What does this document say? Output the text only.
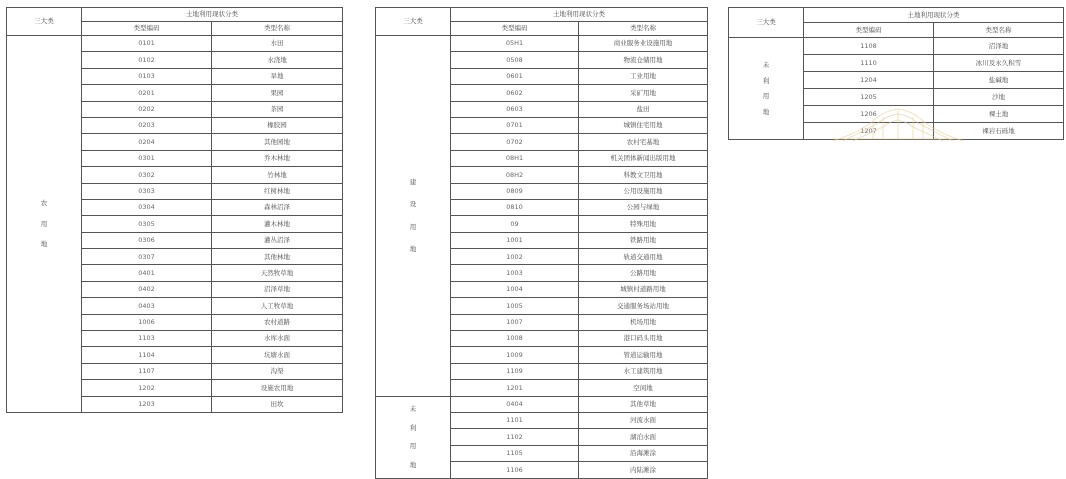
三大类	土地利用现状分类	
	类型编码	类型名称

农
用
地	0101	水田
	0102	水浇地
	0103	旱地
	0201	果园
	0202	茶园
	0203	橡胶园
	0204	其他园地
	0301	乔木林地
	0302	竹林地
	0303	红树林地
	0304	森林沼泽
	0305	灌木林地
	0306	灌丛沼泽
	0307	其他林地
	0401	天然牧草地
	0402	沼泽草地
	0403	人工牧草地
	1006	农村道路
	1103	水库水面
	1104	坑塘水面
	1107	沟渠
	1202	设施农用地
	1203	田坎
三大类	土地利用现状分类	
	类型编码	类型名称

建
设
用
地	05H1	商业服务业设施用地
	0508	物流仓储用地
	0601	工业用地
	0602	采矿用地
	0603	盐田
	0701	城镇住宅用地
	0702	农村宅基地
	08H1	机关团体新闻出版用地
	08H2	科教文卫用地
	0809	公用设施用地
	0810	公园与绿地
	09	特殊用地
	1001	铁路用地
	1002	轨道交通用地
	1003	公路用地
	1004	城镇村道路用地
	1005	交通服务场站用地
	1007	机场用地
	1008	港口码头用地
	1009	管道运输用地
	1109	水工建筑用地
	1201	空闲地

未
利
用
地	0404	其他草地
	1101	河流水面
	1102	湖泊水面
	1105	沿海滩涂
	1106	内陆滩涂
三大类	土地利用现状分类	
	类型编码	类型名称

未
利
用
地	1108	沼泽地
	1110	冰川及永久积雪
	1204	盐碱地
	1205	沙地
	1206	裸土地
	1207	裸岩石砾地
